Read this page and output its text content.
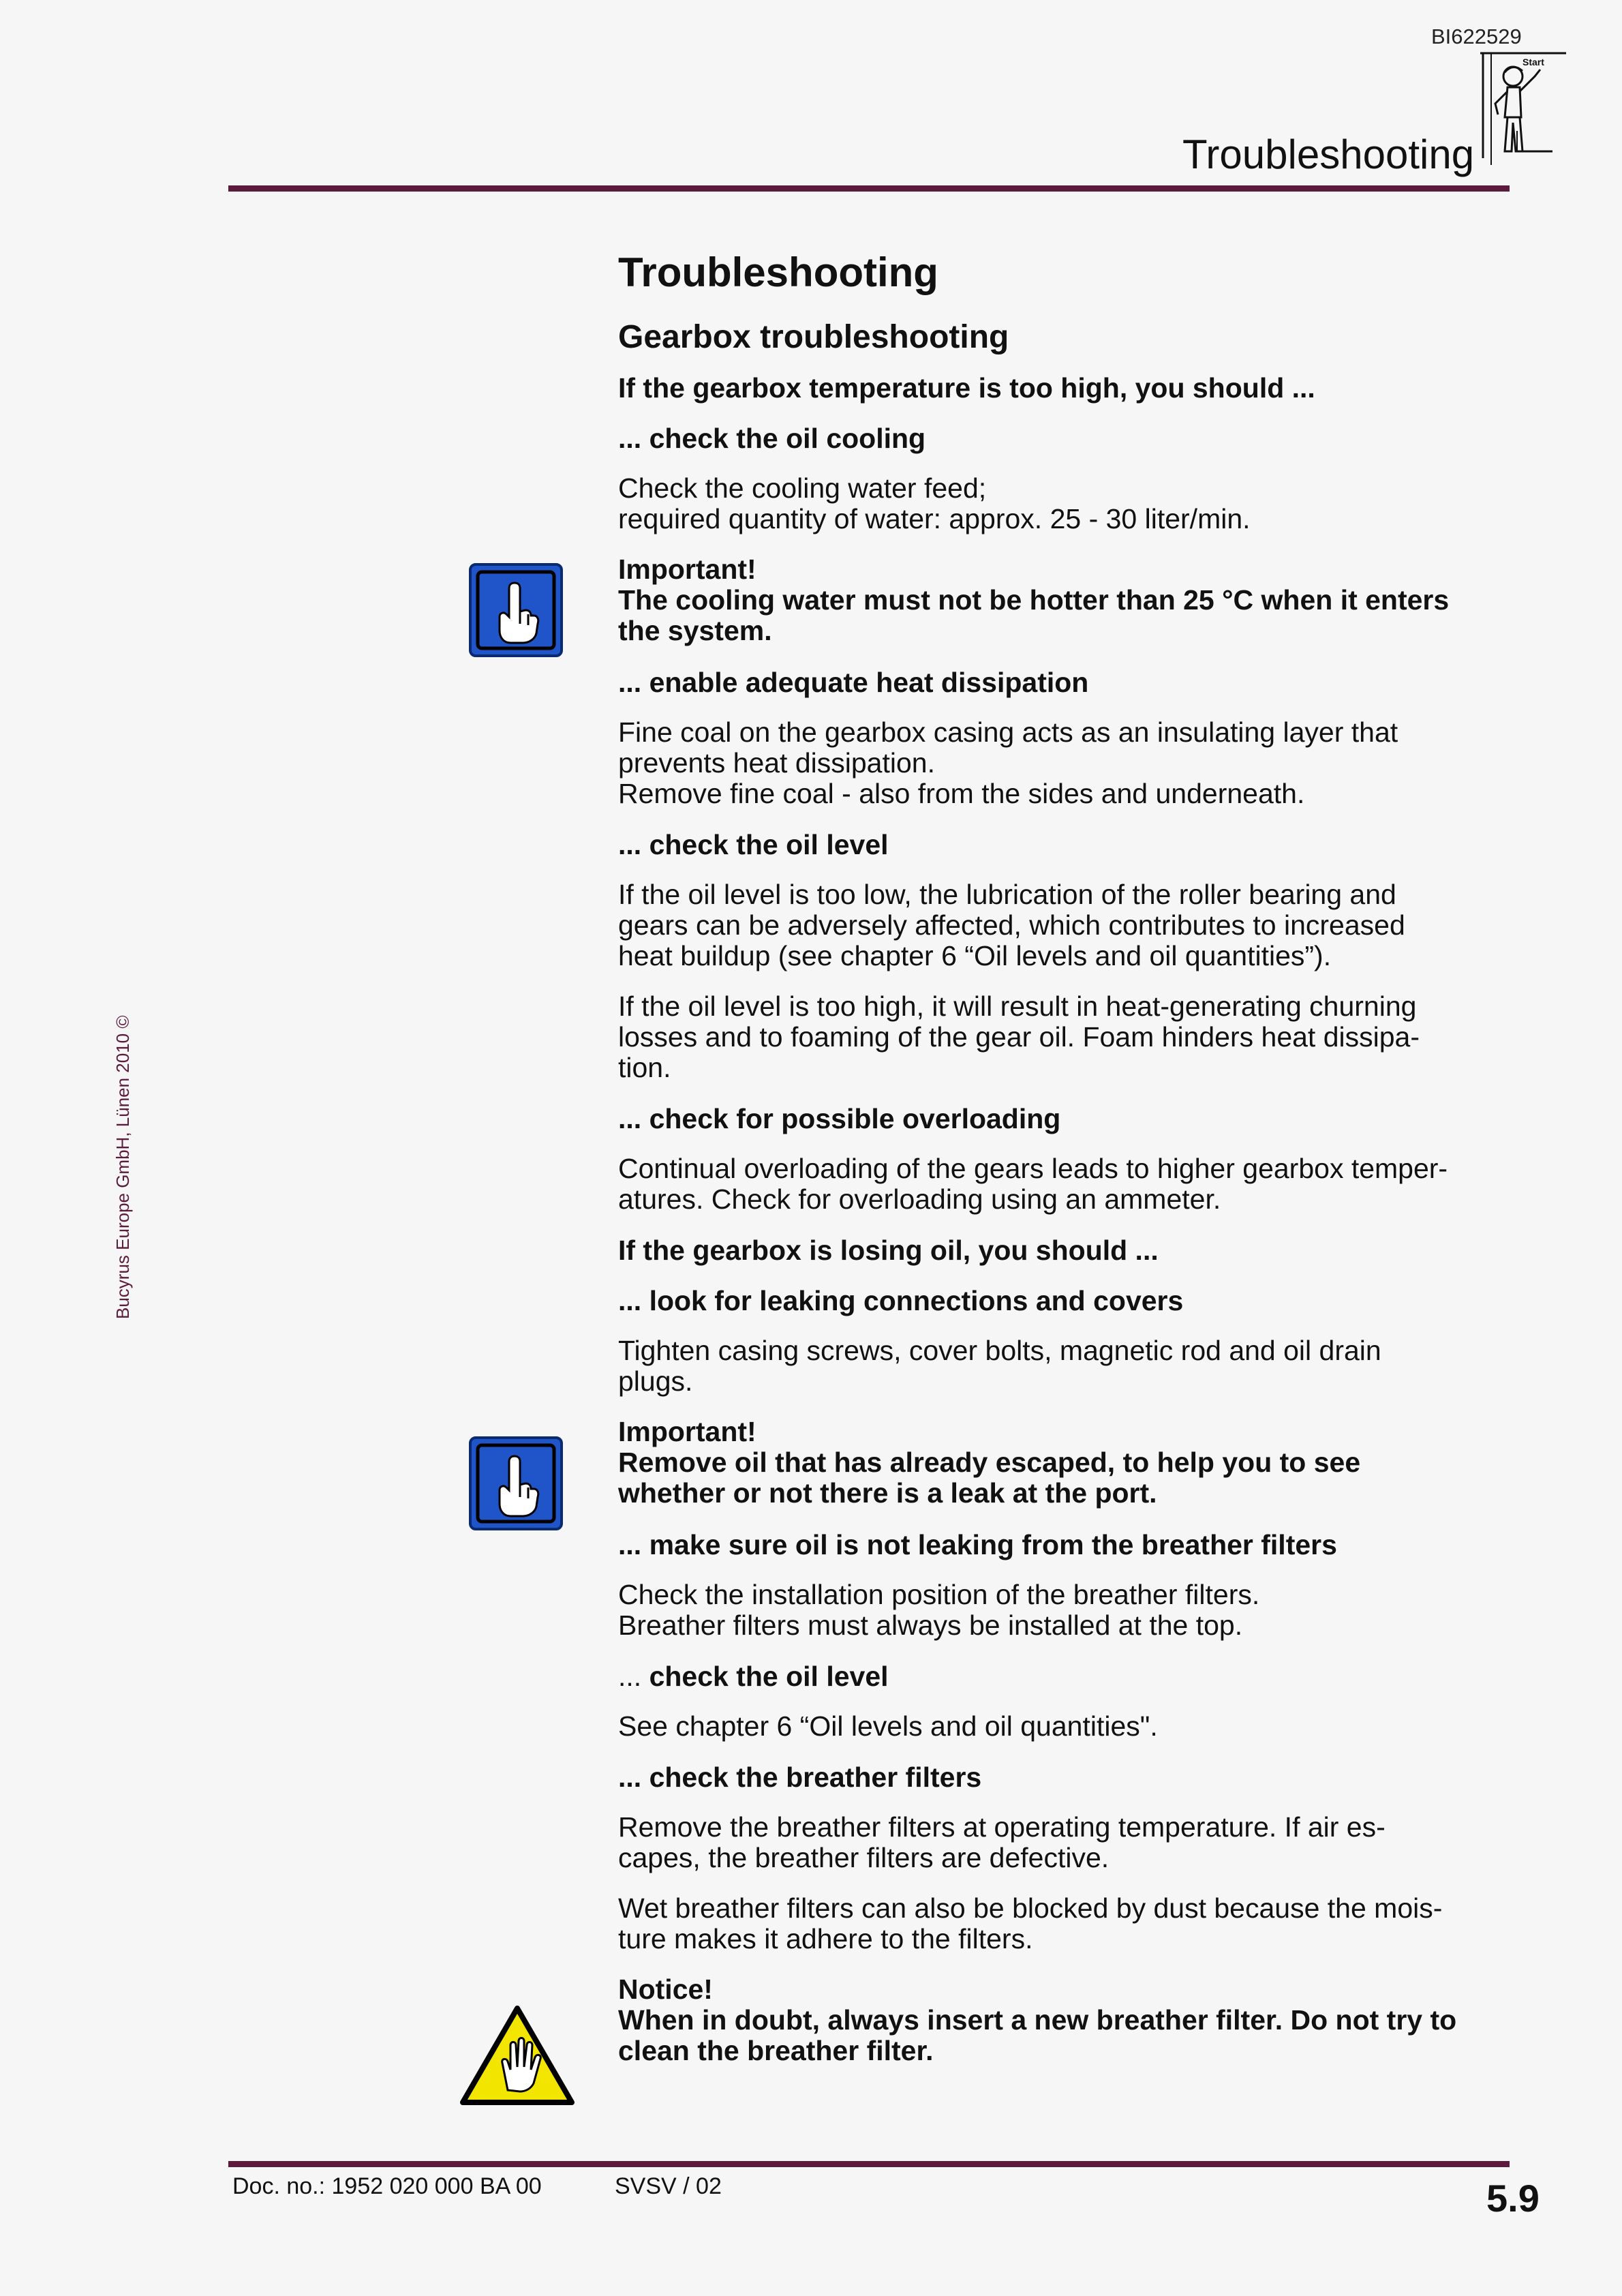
BI622529
Troubleshooting
Start
Bucyrus Europe GmbH, Lünen 2010 ©
Troubleshooting
Gearbox troubleshooting
If the gearbox temperature is too high, you should ...
... check the oil cooling
Check the cooling water feed;
required quantity of water: approx. 25 - 30 liter/min.
Important!
The cooling water must not be hotter than 25 °C when it enters
the system.
... enable adequate heat dissipation
Fine coal on the gearbox casing acts as an insulating layer that
prevents heat dissipation.
Remove fine coal - also from the sides and underneath.
... check the oil level
If the oil level is too low, the lubrication of the roller bearing and
gears can be adversely affected, which contributes to increased
heat buildup (see chapter 6 “Oil levels and oil quantities”).
If the oil level is too high, it will result in heat-generating churning
losses and to foaming of the gear oil. Foam hinders heat dissipa-
tion.
... check for possible overloading
Continual overloading of the gears leads to higher gearbox temper-
atures. Check for overloading using an ammeter.
If the gearbox is losing oil, you should ...
... look for leaking connections and covers
Tighten casing screws, cover bolts, magnetic rod and oil drain
plugs.
Important!
Remove oil that has already escaped, to help you to see
whether or not there is a leak at the port.
... make sure oil is not leaking from the breather filters
Check the installation position of the breather filters.
Breather filters must always be installed at the top.
... check the oil level
See chapter 6 “Oil levels and oil quantities".
... check the breather filters
Remove the breather filters at operating temperature. If air es-
capes, the breather filters are defective.
Wet breather filters can also be blocked by dust because the mois-
ture makes it adhere to the filters.
Notice!
When in doubt, always insert a new breather filter. Do not try to
clean the breather filter.
Doc. no.: 1952 020 000 BA 00	SVSV / 02	5.9
